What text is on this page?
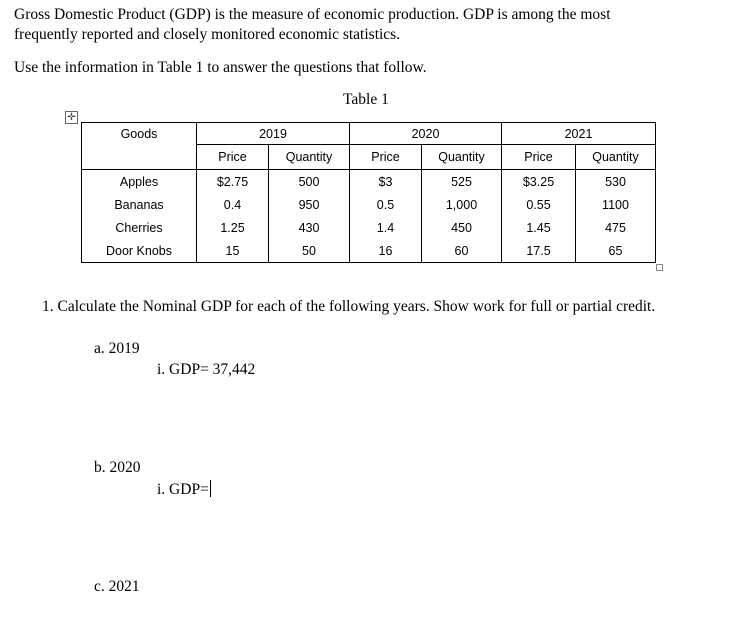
Gross Domestic Product (GDP) is the measure of economic production. GDP is among the most
frequently reported and closely monitored economic statistics.
Use the information in Table 1 to answer the questions that follow.
Table 1
✛
Goods	2019		2020		2021	
	Price	Quantity	Price	Quantity	Price	Quantity
Apples	$2.75	500	$3	525	$3.25	530
Bananas	0.4	950	0.5	1,000	0.55	1100
Cherries	1.25	430	1.4	450	1.45	475
Door Knobs	15	50	16	60	17.5	65
1. Calculate the Nominal GDP for each of the following years. Show work for full or partial credit.
a. 2019
i. GDP= 37,442
b. 2020
i. GDP=
c. 2021
